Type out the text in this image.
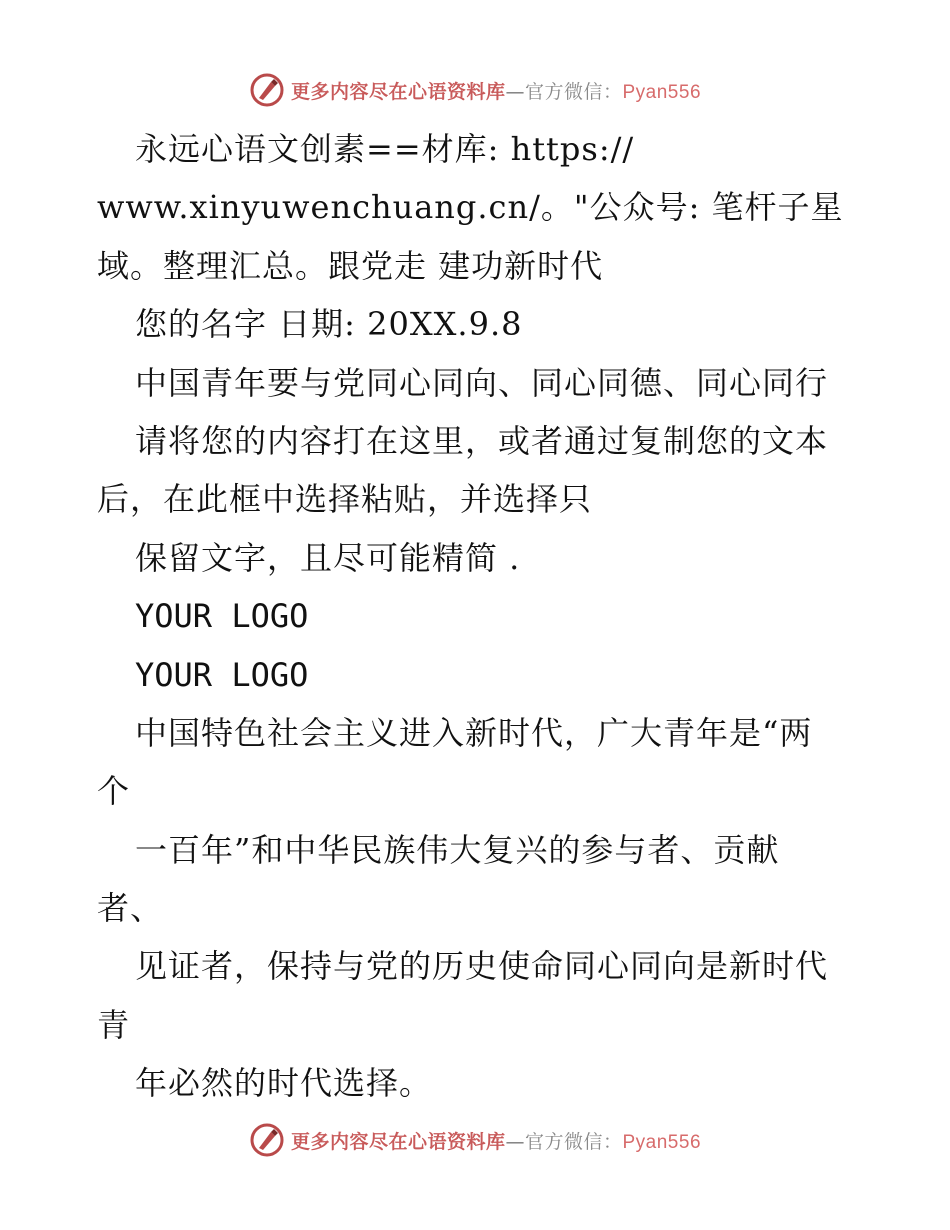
更多内容尽在心语资料库—官方微信：Pyan556
永远心语文创素==材库: https://
www.xinyuwenchuang.cn/。"公众号: 笔杆子星
域。整理汇总。跟党走 建功新时代
您的名字 日期: 20XX.9.8
中国青年要与党同心同向、同心同德、同心同行
请将您的内容打在这里，或者通过复制您的文本
后，在此框中选择粘贴，并选择只
保留文字，且尽可能精简 .
YOUR LOGO
YOUR LOGO
中国特色社会主义进入新时代，广大青年是“两
个
一百年”和中华民族伟大复兴的参与者、贡献
者、
见证者，保持与党的历史使命同心同向是新时代
青
年必然的时代选择。
更多内容尽在心语资料库—官方微信：Pyan556
